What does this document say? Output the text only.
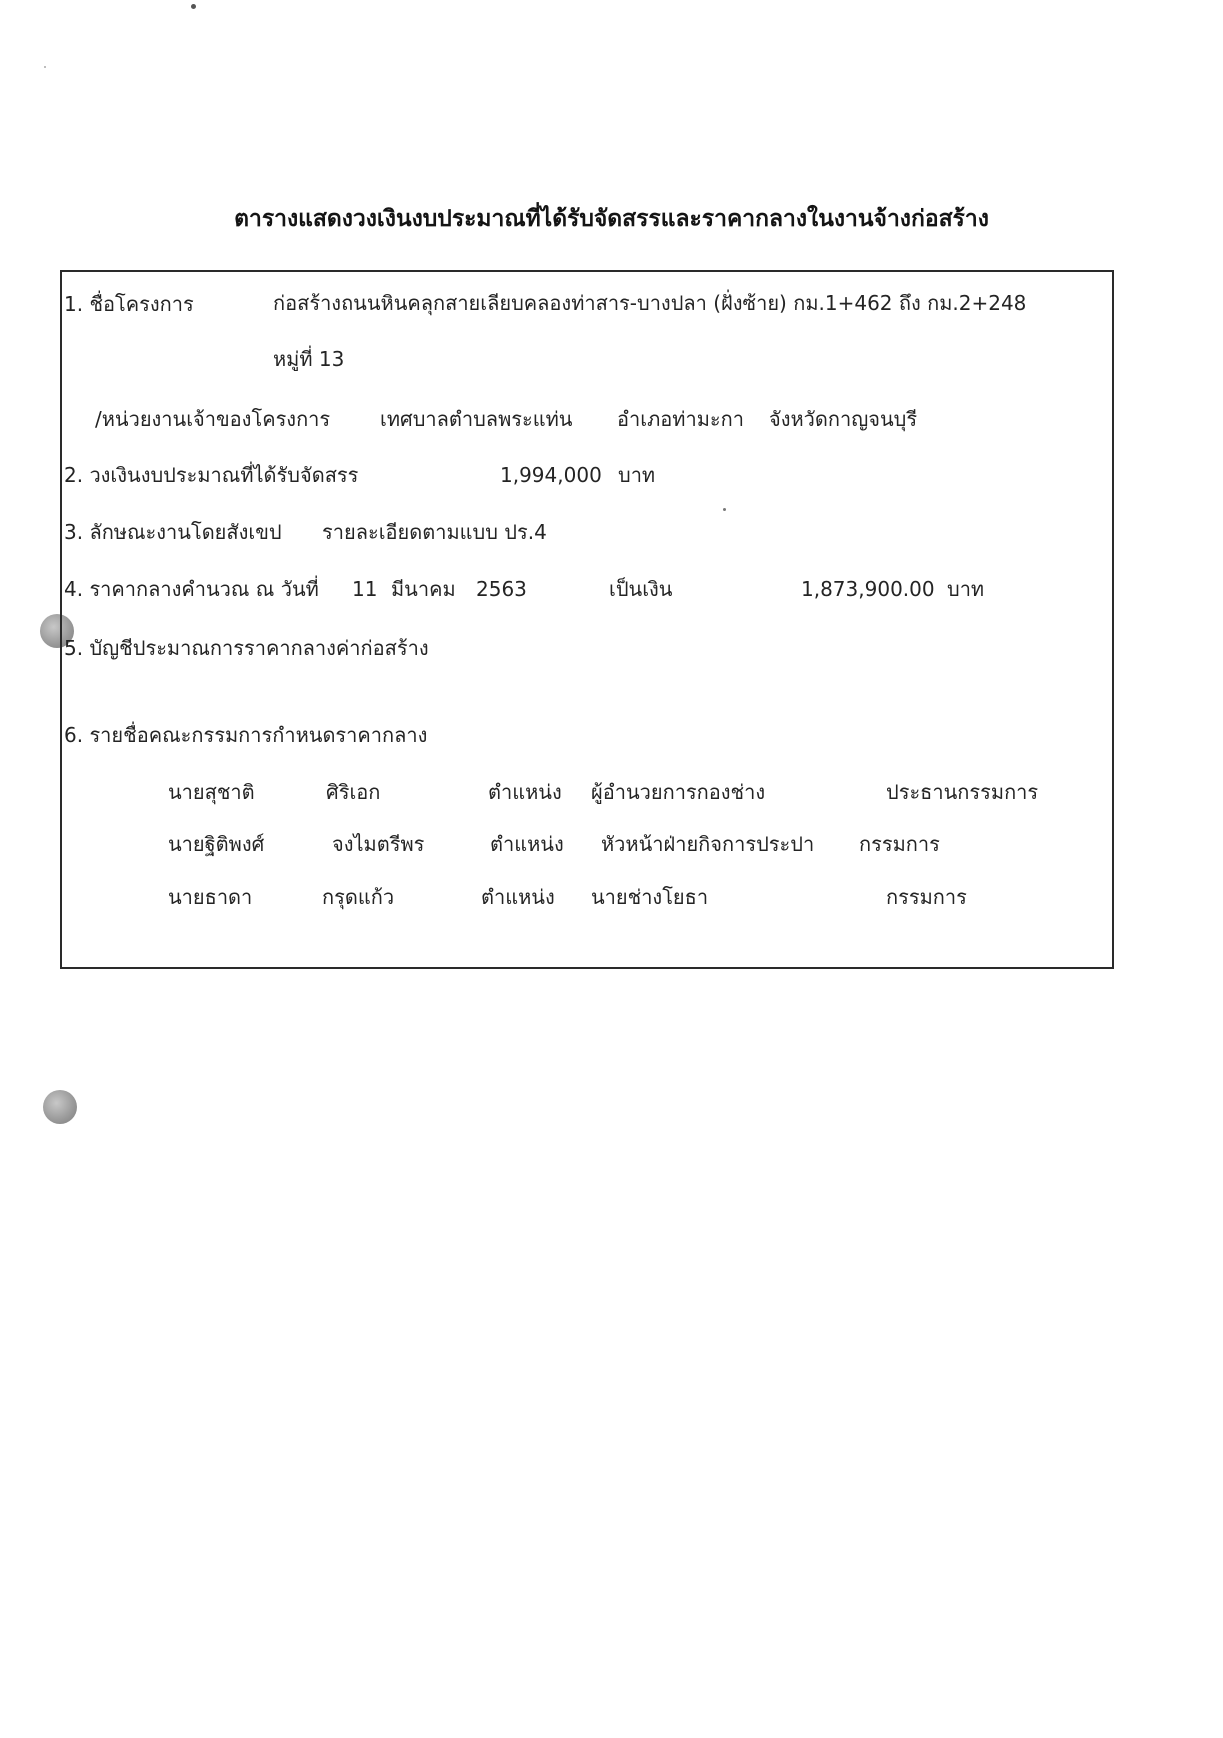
ตารางแสดงวงเงินงบประมาณที่ได้รับจัดสรรและราคากลางในงานจ้างก่อสร้าง
1. ชื่อโครงการ	ก่อสร้างถนนหินคลุกสายเลียบคลองท่าสาร-บางปลา (ฝั่งซ้าย) กม.1+462 ถึง กม.2+248
หมู่ที่ 13
/หน่วยงานเจ้าของโครงการ เทศบาลตำบลพระแท่น อำเภอท่ามะกา จังหวัดกาญจนบุรี
2. วงเงินงบประมาณที่ได้รับจัดสรร	1,994,000 บาท
3. ลักษณะงานโดยสังเขป รายละเอียดตามแบบ ปร.4
4. ราคากลางคำนวณ ณ วันที่ 11 มีนาคม 2563	เป็นเงิน	1,873,900.00 บาท
5. บัญชีประมาณการราคากลางค่าก่อสร้าง
6. รายชื่อคณะกรรมการกำหนดราคากลาง
นายสุชาติ	ศิริเอก	ตำแหน่ง ผู้อำนวยการกองช่าง	ประธานกรรมการ
นายฐิติพงศ์	จงไมตรีพร	ตำแหน่ง หัวหน้าฝ่ายกิจการประปา กรรมการ
นายธาดา	กรุดแก้ว	ตำแหน่ง นายช่างโยธา	กรรมการ
